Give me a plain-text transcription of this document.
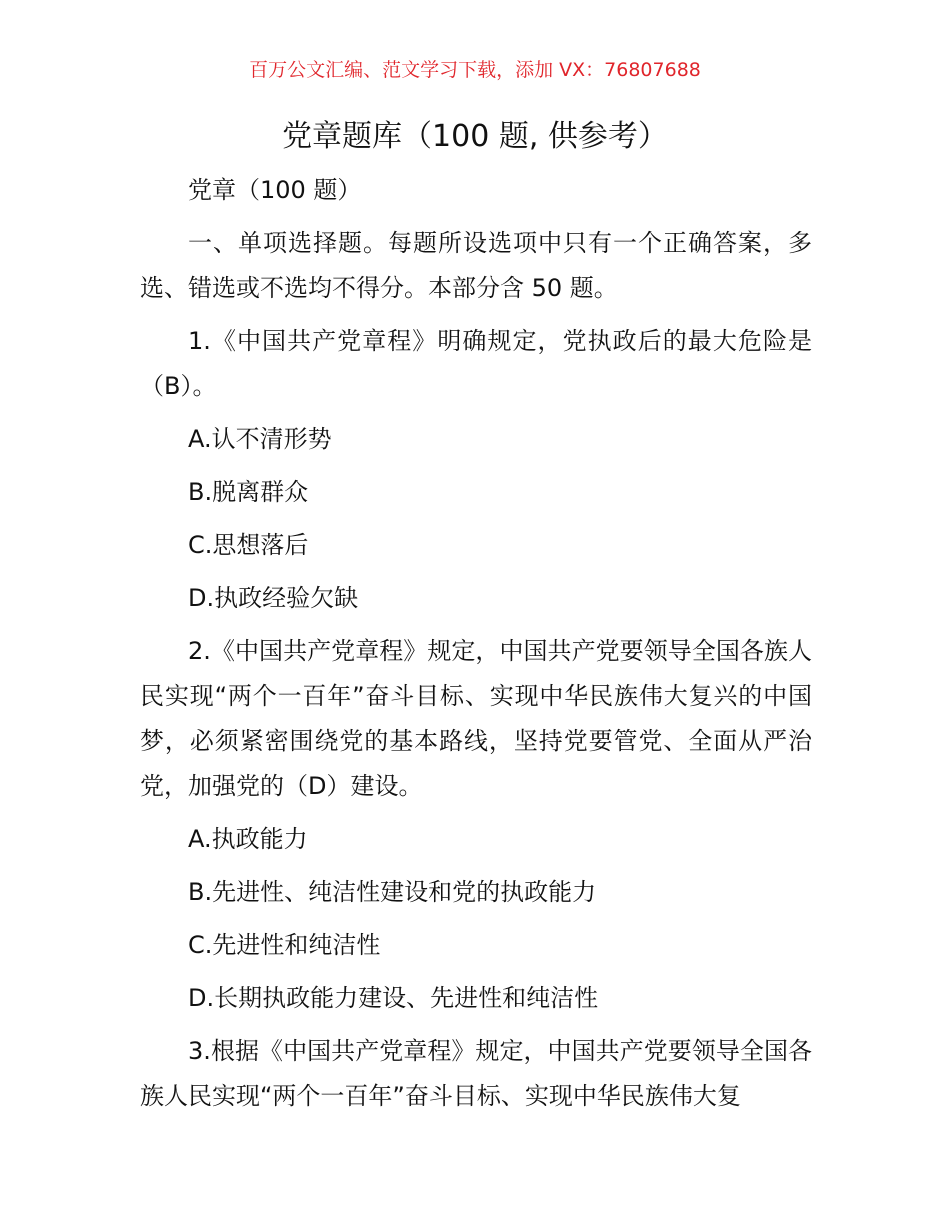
百万公文汇编、范文学习下载，添加 VX：76807688
党章题库（100 题, 供参考）

党章（100 题）

一、单项选择题。每题所设选项中只有一个正确答案，多选、错选或不选均不得分。本部分含 50 题。

1.《中国共产党章程》明确规定，党执政后的最大危险是（B）。

A.认不清形势

B.脱离群众

C.思想落后

D.执政经验欠缺

2.《中国共产党章程》规定，中国共产党要领导全国各族人民实现“两个一百年”奋斗目标、实现中华民族伟大复兴的中国梦，必须紧密围绕党的基本路线，坚持党要管党、全面从严治党，加强党的（D）建设。

A.执政能力

B.先进性、纯洁性建设和党的执政能力

C.先进性和纯洁性

D.长期执政能力建设、先进性和纯洁性

3.根据《中国共产党章程》规定，中国共产党要领导全国各族人民实现“两个一百年”奋斗目标、实现中华民族伟大复
